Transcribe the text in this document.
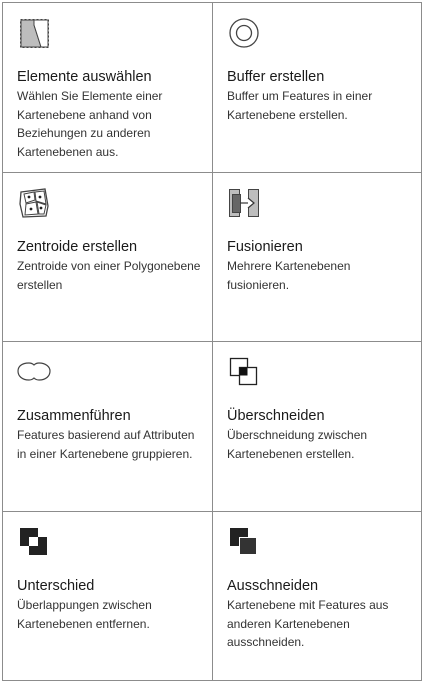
Elemente auswählen

Wählen Sie Elemente einer Kartenebene anhand von Beziehungen zu anderen Kartenebenen aus.

Buffer erstellen

Buffer um Features in einer Kartenebene erstellen.

Zentroide erstellen

Zentroide von einer Polygonebene erstellen

Fusionieren

Mehrere Kartenebenen fusionieren.

Zusammenführen

Features basierend auf Attributen in einer Kartenebene gruppieren.

Überschneiden

Überschneidung zwischen Kartenebenen erstellen.

Unterschied

Überlappungen zwischen Kartenebenen entfernen.

Ausschneiden

Kartenebene mit Features aus anderen Kartenebenen ausschneiden.
